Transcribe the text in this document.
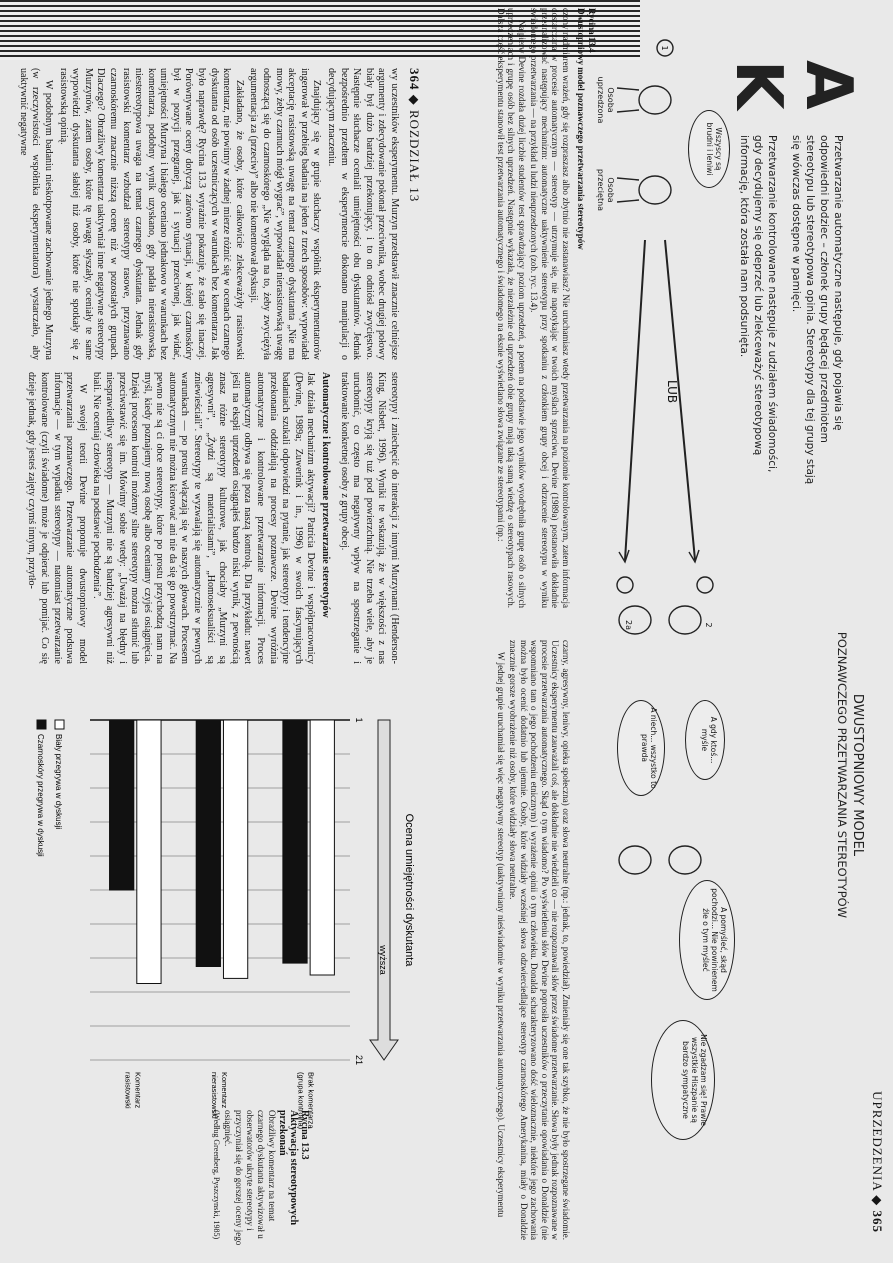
364 ◆ ROZDZIAŁ 13

wy uczestników eksperymentu. Murzyn przedstawił znacznie celniejsze argumenty i zdecydowanie pokonał przeciwnika, wobec drugiej połowy biały był dużo bardziej przekonujący, i to on odniósł zwycięstwo. Następnie słuchacze oceniali umiejętności obu dyskutantów. Jednak bezpośrednio przedtem w eksperymencie dokonano manipulacji o decydującym znaczeniu.

Znajdujący się w grupie słuchaczy współnik eksperymentatorów ingerował w przebieg badania na jeden z trzech sposobów: wypowiadał akceptację rasistowską uwagę na temat czarnego dyskutanta „Nie ma mowy, żeby czarnuch mógł wygrać”, wypowiadał nierasistowską uwagę odnoszącą się do czarnoskórego „Nie wygląda na to, żeby zwyciężyła argumentacja za (przeciw)” albo nie komentował dyskusji.

Zakładano, że osoby, które całkowicie zlekceważyły rasistowski komentarz, nie powinny w żadnej mierze różnić się w ocenach czarnego dyskutanta od osób uczestniczących w warunkach bez komentarza. Jak było naprawdę? Rycina 13.3 wyraźnie pokazuje, że stało się inaczej. Porównywane oceny dotyczą zarówno sytuacji, w której czarnoskóry był w pozycji przegranej, jak i sytuacji przeciwnej, jak widać, umiejętności Murzyna i białego oceniano jednakowo w warunkach bez komentarza, podobny wynik uzyskano, gdy padała nierasistowska, niestereotypowa uwaga na temat czarnego dyskutanta. Jednak gdy rasistowski komentarz wzbudzał stereotypy rasowe, przyznawano czarnoskóremu znacznie niższą ocenę niż w pozostałych grupach. Dlaczego? Obraźliwy komentarz uaktywniał inne negatywne stereotypy Murzynów, zatem osoby, które tę uwagę słyszały, oceniały te same wypowiedzi dyskutanta słabiej niż osoby, które nie spotkały się z rasistowską opinią.

W podobnym badaniu nieskotpowane zachowanie jednego Murzyna (w rzeczywistości współnika eksperymentatora) wystarczało, aby uaktywnić negatywne

stereotypy i zniechęcić do interakcji z innymi Murzynami (Henderson-King, Nisbett, 1996). Wyniki te wskazują, że w większości z nas stereotypy kryją się tuż pod powierzchnią. Nie trzeba wiele, aby je uruchomić, co często ma negatywny wpływ na spostrzeganie i traktowanie konkretnej osoby z grupy obcej.

Automatyczne i kontrolowane przetwarzanie stereotypów

Jak działa mechanizm aktywacji? Patricia Devine i współpracownicy (Devine, 1989a; Zuwerink i in., 1996) w swoich fascynujących badaniach szukali odpowiedzi na pytanie, jak stereotypy i tendencyjne przekonania oddziałują na procesy poznawcze. Devine wyróżnia automatyczne i kontrolowane przetwarzanie informacji. Proces automatyczny odbywa się poza naszą kontrolą. Dla przykładu: nawet jeśli na ekspłi uprzedzeń osiągnąłeś bardzo niski wynik, z pewnością znasz różne stereotypy kulturowe, jak chociaby „Murzyni są agresywni”, „Żydzi są materialistami”, „Homoseksualiści są zniewieściali”. Stereotypy te wyzwalają się automatycznie w pewnych warunkach — po prostu włączają się w naszych głowach. Procesem automatycznym nie można kierować ani nie da się go powstrzymać. Na pewno nie są ci obce stereotypy, które po prostu przychodzą nam na myśl, kiedy poznajemy nową osobę albo oceniamy czyjeś osiągnięcia. Dzięki procesom kontroli możemy silne stereotypy można stłumić lub przeciwstawić się im. Mówimy sobie wtedy: „Uważaj na błędny i niesprawiedliwy stereotyp — Murzyni nie są bardziej agresywni niż biali. Nie oceniaj człowieka na podstawie pochodzenia”.

W swojej teorii Devine proponuje dwustopniowy model przetwarzania poznawczego. Przetwarzanie automatyczne podsuwa informacje — w tym wypadku stereotypy — natomiast przetwarzanie kontrolowane (czyli świadome) może je odpierać lub pomijać. Co się dzieje jednak, gdy jesteś zajęty czymś innym, przytło-

Ocena umiejętności dyskutanta
wyższa
1
21
Brak komentarza
(grupa kontrolna)
Komentarz
nierasistowski
Komentarz
rasistowski
Biały przegrywa w dyskusji
Czarnoskóry przegrywa w dyskusji
Rycina 13.3
Aktywacja stereotypowych przekonań
Obraźliwy komentarz na temat czarnego dyskutanta aktywizował u obserwatorów ukryte stereotypy i przyczyniał się do gorszej oceny jego osiągnięć.
(Według Greenberg, Pyszczynski, 1985)	UPRZEDZENIA ◆ 365
A
K
Przetwarzanie automatyczne następuje, gdy pojawia się
odpowiedni bodziec – członek grupy będącej przedmiotem
stereotypu lub stereotypowa opinia. Stereotypy dla tej grupy stają
się wówczas dostępne w pamięci.
Przetwarzanie kontrolowane następuje z udziałem świadomości,
gdy decydujemy się odeprzeć lub zlekceważyć stereotypową
informację, która została nam podsunięta.
DWUSTOPNIOWY MODEL
POZNAWCZEGO PRZETWARZANIA STEREOTYPÓW
1
2
2a
Wszyscy są brudni i leniwi
A gdy ktoś... myśle
A niech... wszystko to prawda
A pomyśleć, skąd pochodzi... Nie powinienem źle o tym myśleć
Nie zgadzam się! Prawie wszystkie Hiszpanie są bardzo sympatyczne
LUB
Osoba uprzedzona
Osoba przeciętna
Rycina 13.4
Dwustopniowy model poznawczego przetwarzania stereotypów

czony nadmiarem wrażeń, gdy się rozpraszasz albo zbytnio nie zastanawiasz? Nie uruchamiasz wtedy przetwarzania na poziomie kontrolowanym, zatem informacja dostarczana w procesie automatycznym — stereotyp — utrzymuje się, nie napotykając w twoich myślach sprzeciwu. Devine (1989a) postanowiła dokładnie przeanalizować następujący mechanizm: automatyczne uaktywnienie stereotypu przy spotkaniu z członkiem grupy obcej i odrzucenie stereotypu w wyniku świadomego przetwarzania — na przykład u ludzi nieuprzedzonych (zob. ryc. 13.4).

Najpierw Devine rozdała dużej liczbie studentów test sprawdzający poziom uprzedzeń, a potem na podstawie jego wyników wyodrębniła grupę osób o silnych uprzedzeniach i grupę osób bez silnych uprzedzeń. Następnie wykazała, że niezależnie od uprzedzeń obie grupy mają taką samą wiedzę o stereotypach rasowych. Dalsza część eksperymentu stanowił test przetwarzania automatycznego i świadomego na eksnie wyświetlano słowa związane ze stereotypami (np.:

czarny, agresywny, leniwy, opieka społeczna) oraz słowa neutralne (np.: jednak, to, powiedział). Zmieniały się one tak szybko, że nie było spostrzegane świadomie. Uczestnicy eksperymentu zauważali coś, ale dokładnie nie wiedzieli co — nie rozpoznawali słów przez świadome przetwarzanie. Słowa były jednak rozpoznawane w procesie przetwarzania automatycznego. Skąd o tym wiadomo? Po wyświetleniu słów Devine poprosiła uczestników o przeczytanie opowiadania o Donaldzie (nie wspomniano tam o jego pochodzeniu etnicznym) i wyrażenie opinii o tym człowieku. Donalda scharakteryzowano dość wieloznacznie, niektóre jego zachowania można było ocenić dodatnio lub ujemnie. Osoby, które widziały wcześniej słowa odzwierciedlające stereotyp czarnoskórego Amerykanina, miały o Donaldzie znacznie gorsze wyobrażenie niż osoby, które widziały słowa neutralne.

W jednej grupie uruchamiał się więc negatywny stereotyp (uaktywniany nieświadomie w wyniku przetwarzania automatycznego). Uczestnicy eksperymentu
